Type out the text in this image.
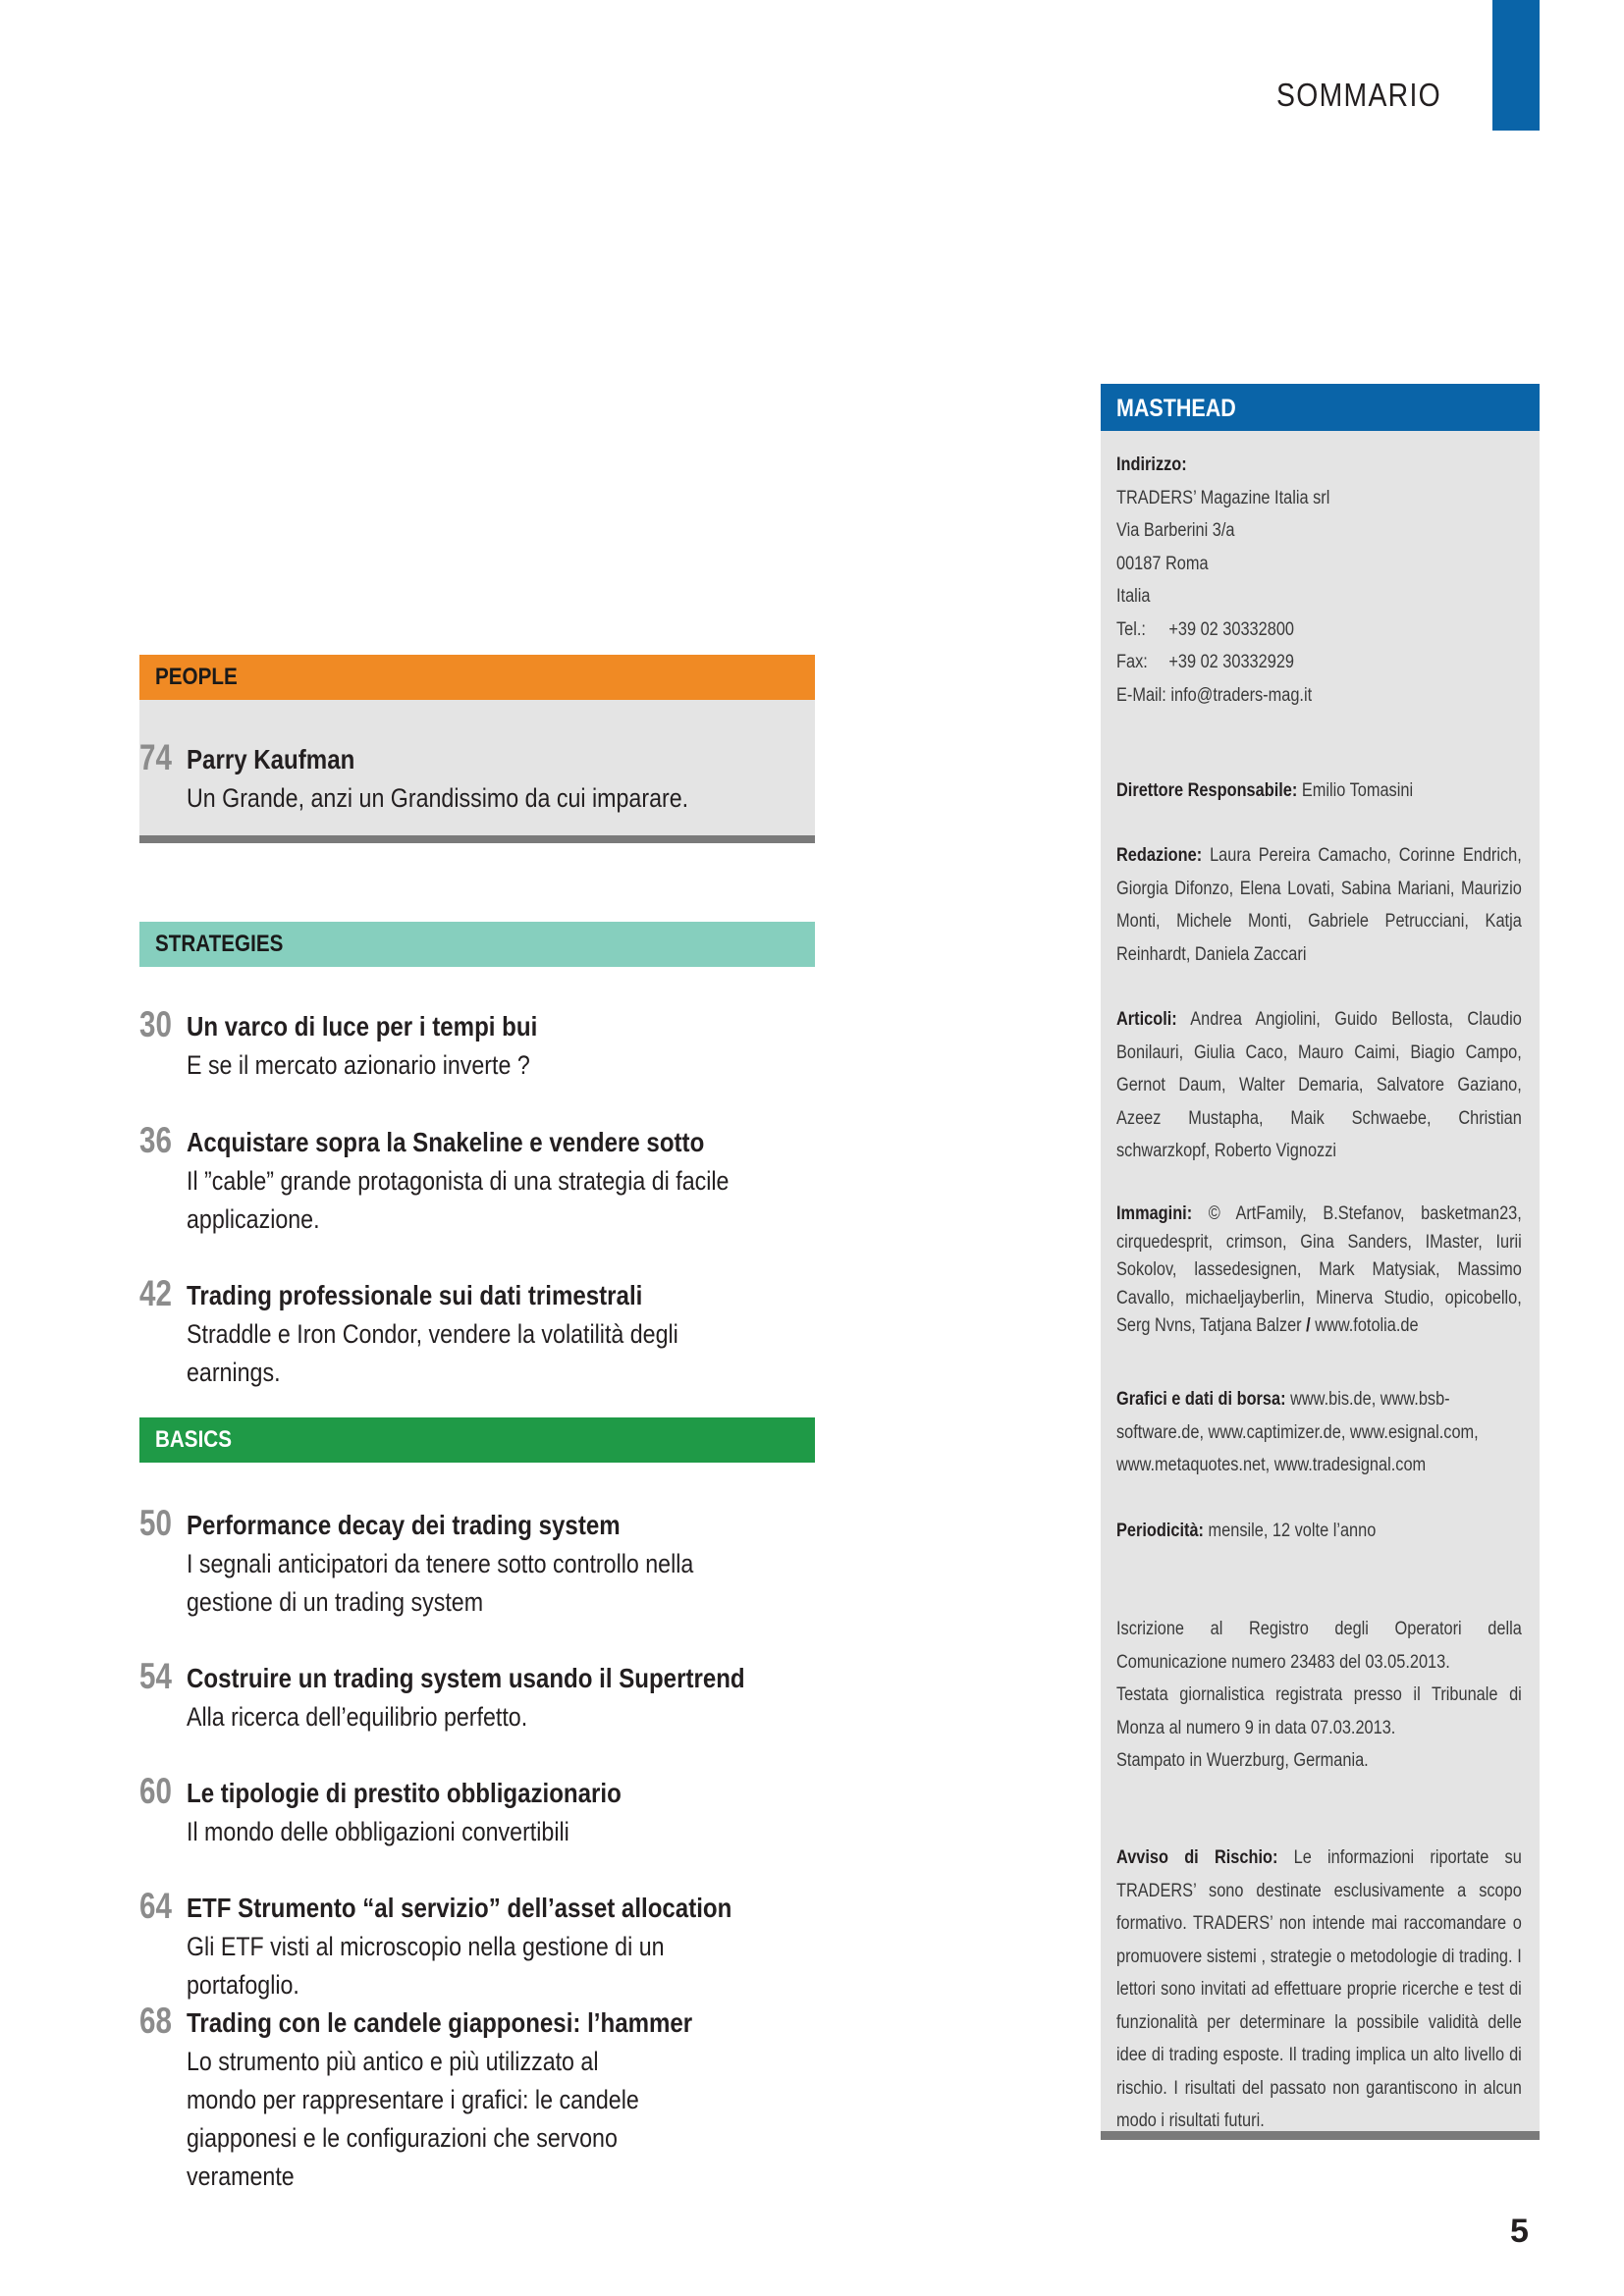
SOMMARIO
PEOPLE
74 Parry Kaufman
Un Grande, anzi un Grandissimo da cui imparare.
STRATEGIES
30 Un varco di luce per i tempi bui
E se il mercato azionario inverte ?
36 Acquistare sopra la Snakeline e vendere sotto
Il ”cable” grande protagonista di una strategia di facile applicazione.
42 Trading professionale sui dati trimestrali
Straddle e Iron Condor, vendere la volatilità degli earnings.
BASICS
50 Performance decay dei trading system
I segnali anticipatori da tenere sotto controllo nella gestione di un trading system
54 Costruire un trading system usando il Supertrend
Alla ricerca dell’equilibrio perfetto.
60 Le tipologie di prestito obbligazionario
Il mondo delle obbligazioni convertibili
64 ETF Strumento “al servizio” dell’asset allocation
Gli ETF visti al microscopio nella gestione di un portafoglio.
68 Trading con le candele giapponesi: l’hammer
Lo strumento più antico e più utilizzato al mondo per rappresentare i grafici: le candele giapponesi e le configurazioni che servono veramente
MASTHEAD
Indirizzo:
TRADERS’ Magazine Italia srl
Via Barberini 3/a
00187 Roma
Italia
Tel.: +39 02 30332800
Fax: +39 02 30332929
E-Mail: info@traders-mag.it
Direttore Responsabile: Emilio Tomasini
Redazione: Laura Pereira Camacho, Corinne Endrich, Giorgia Difonzo, Elena Lovati, Sabina Mariani, Maurizio Monti, Michele Monti, Gabriele Petrucciani, Katja Reinhardt, Daniela Zaccari
Articoli: Andrea Angiolini, Guido Bellosta, Claudio Bonilauri, Giulia Caco, Mauro Caimi, Biagio Campo, Gernot Daum, Walter Demaria, Salvatore Gaziano, Azeez Mustapha, Maik Schwaebe, Christian schwarzkopf, Roberto Vignozzi
Immagini: © ArtFamily, B.Stefanov, basketman23, cirquedesprit, crimson, Gina Sanders, IMaster, Iurii Sokolov, lassedesignen, Mark Matysiak, Massimo Cavallo, michaeljayberlin, Minerva Studio, opicobello, Serg Nvns, Tatjana Balzer / www.fotolia.de
Grafici e dati di borsa: www.bis.de, www.bsb-software.de, www.captimizer.de, www.esignal.com, www.metaquotes.net, www.tradesignal.com
Periodicità: mensile, 12 volte l’anno
Iscrizione al Registro degli Operatori della Comunicazione numero 23483 del 03.05.2013.
Testata giornalistica registrata presso il Tribunale di Monza al numero 9 in data 07.03.2013.
Stampato in Wuerzburg, Germania.
Avviso di Rischio: Le informazioni riportate su TRADERS’ sono destinate esclusivamente a scopo formativo. TRADERS’ non intende mai raccomandare o promuovere sistemi , strategie o metodologie di trading. I lettori sono invitati ad effettuare proprie ricerche e test di funzionalità per determinare la possibile validità delle idee di trading esposte. Il trading implica un alto livello di rischio. I risultati del passato non garantiscono in alcun modo i risultati futuri.
5
